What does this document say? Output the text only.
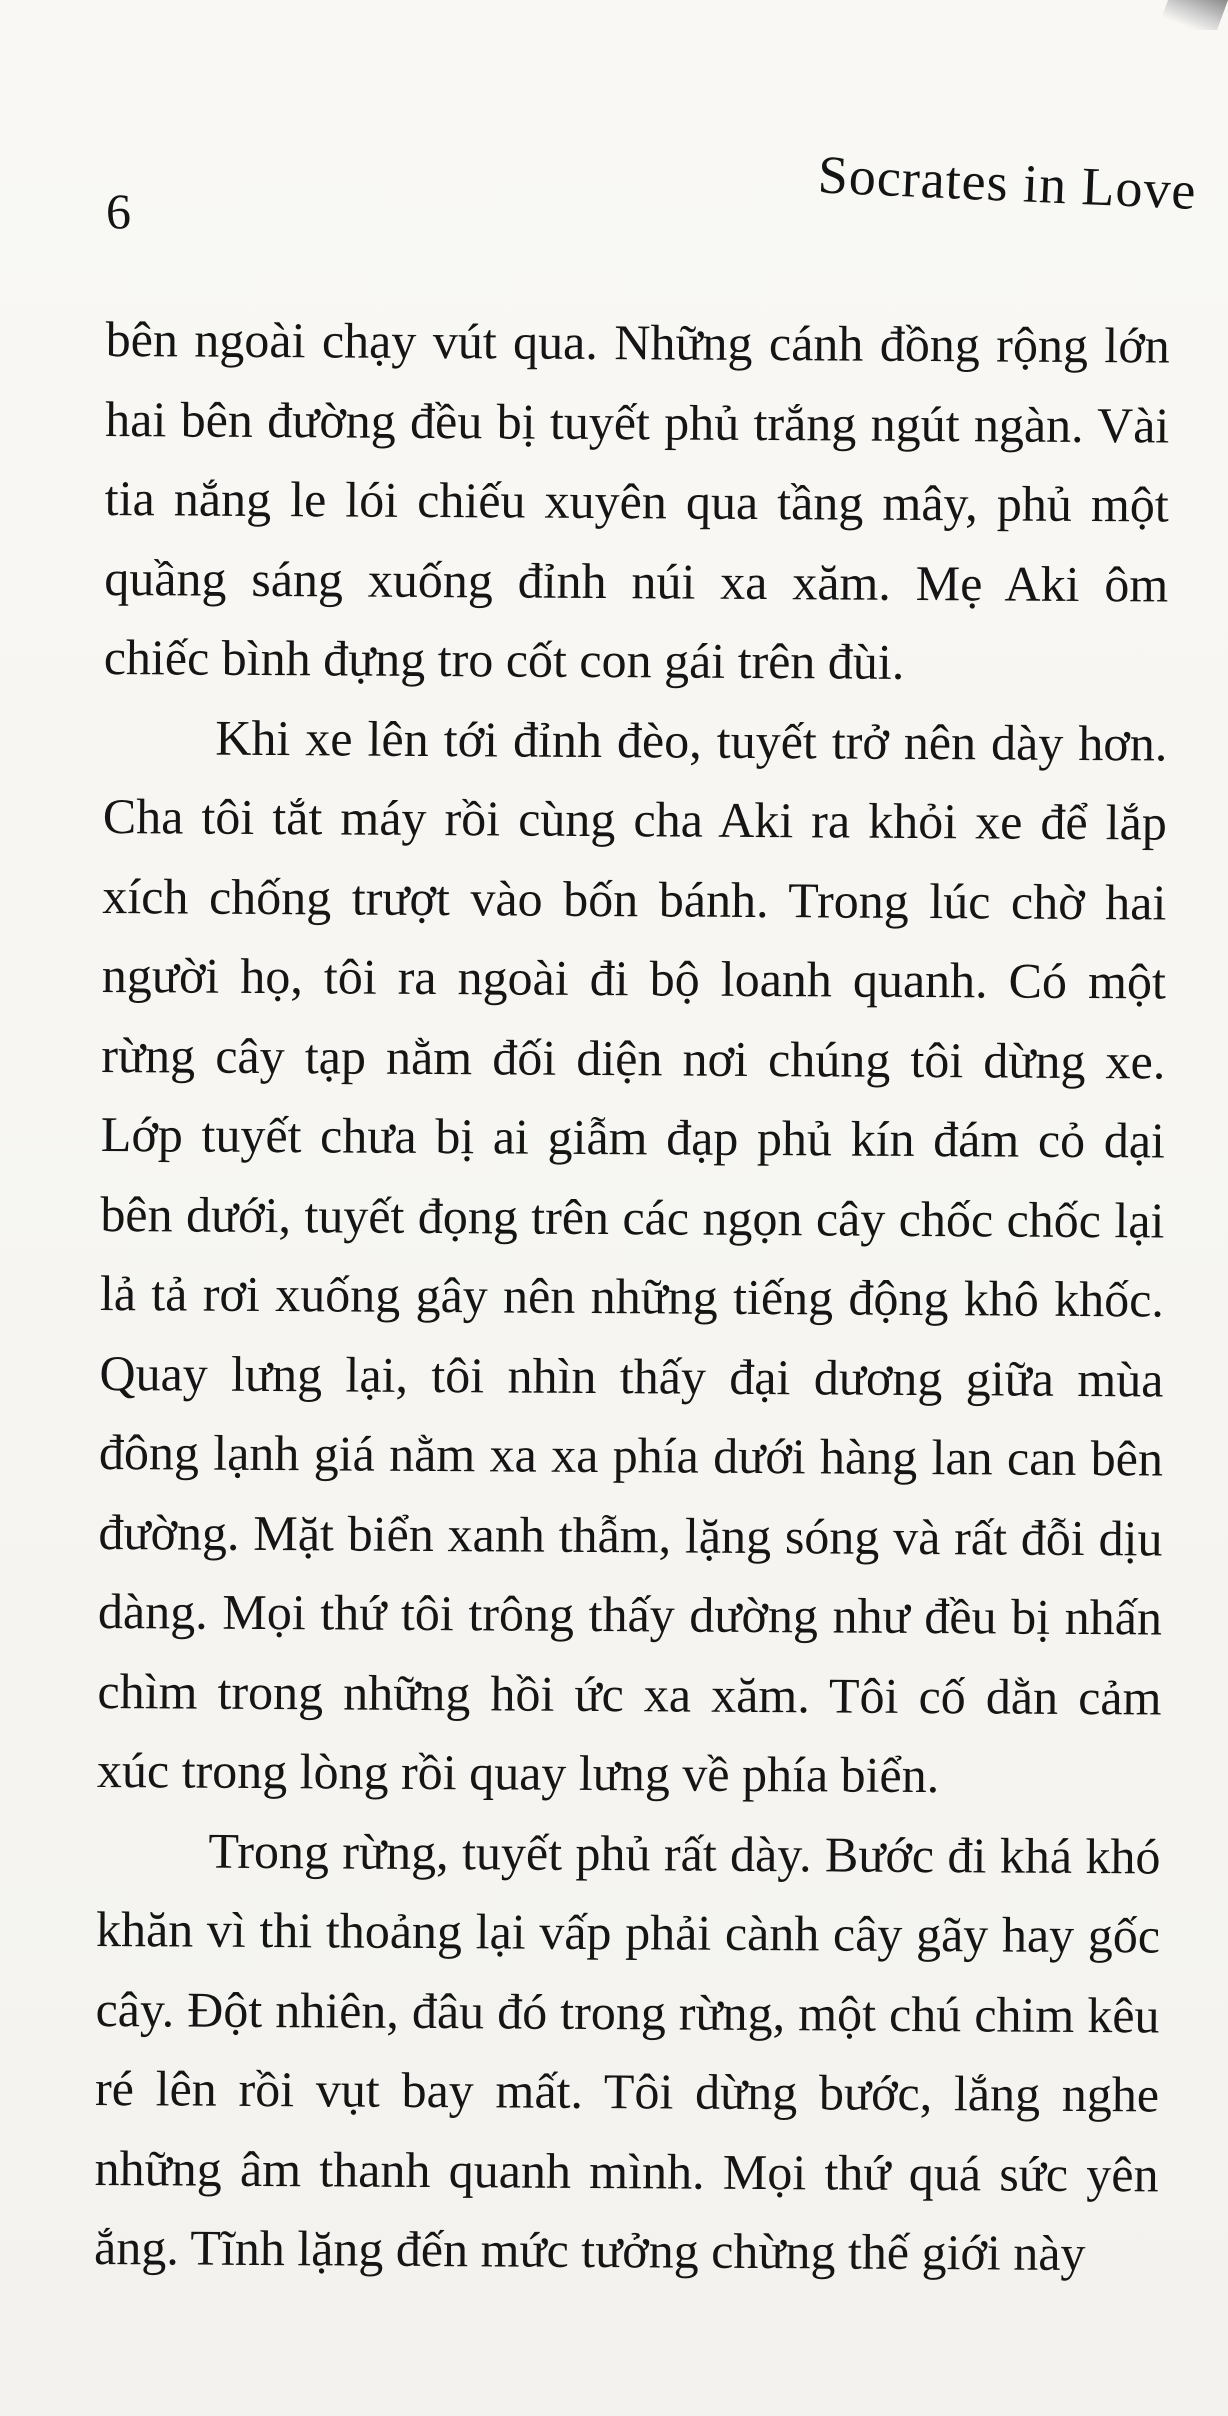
6	Socrates in Love

bên ngoài chạy vút qua. Những cánh đồng rộng lớn hai bên đường đều bị tuyết phủ trắng ngút ngàn. Vài tia nắng le lói chiếu xuyên qua tầng mây, phủ một quầng sáng xuống đỉnh núi xa xăm. Mẹ Aki ôm chiếc bình đựng tro cốt con gái trên đùi.

Khi xe lên tới đỉnh đèo, tuyết trở nên dày hơn. Cha tôi tắt máy rồi cùng cha Aki ra khỏi xe để lắp xích chống trượt vào bốn bánh. Trong lúc chờ hai người họ, tôi ra ngoài đi bộ loanh quanh. Có một rừng cây tạp nằm đối diện nơi chúng tôi dừng xe. Lớp tuyết chưa bị ai giẫm đạp phủ kín đám cỏ dại bên dưới, tuyết đọng trên các ngọn cây chốc chốc lại lả tả rơi xuống gây nên những tiếng động khô khốc. Quay lưng lại, tôi nhìn thấy đại dương giữa mùa đông lạnh giá nằm xa xa phía dưới hàng lan can bên đường. Mặt biển xanh thẫm, lặng sóng và rất đỗi dịu dàng. Mọi thứ tôi trông thấy dường như đều bị nhấn chìm trong những hồi ức xa xăm. Tôi cố dằn cảm xúc trong lòng rồi quay lưng về phía biển.

Trong rừng, tuyết phủ rất dày. Bước đi khá khó khăn vì thi thoảng lại vấp phải cành cây gãy hay gốc cây. Đột nhiên, đâu đó trong rừng, một chú chim kêu ré lên rồi vụt bay mất. Tôi dừng bước, lắng nghe những âm thanh quanh mình. Mọi thứ quá sức yên ắng. Tĩnh lặng đến mức tưởng chừng thế giới này
